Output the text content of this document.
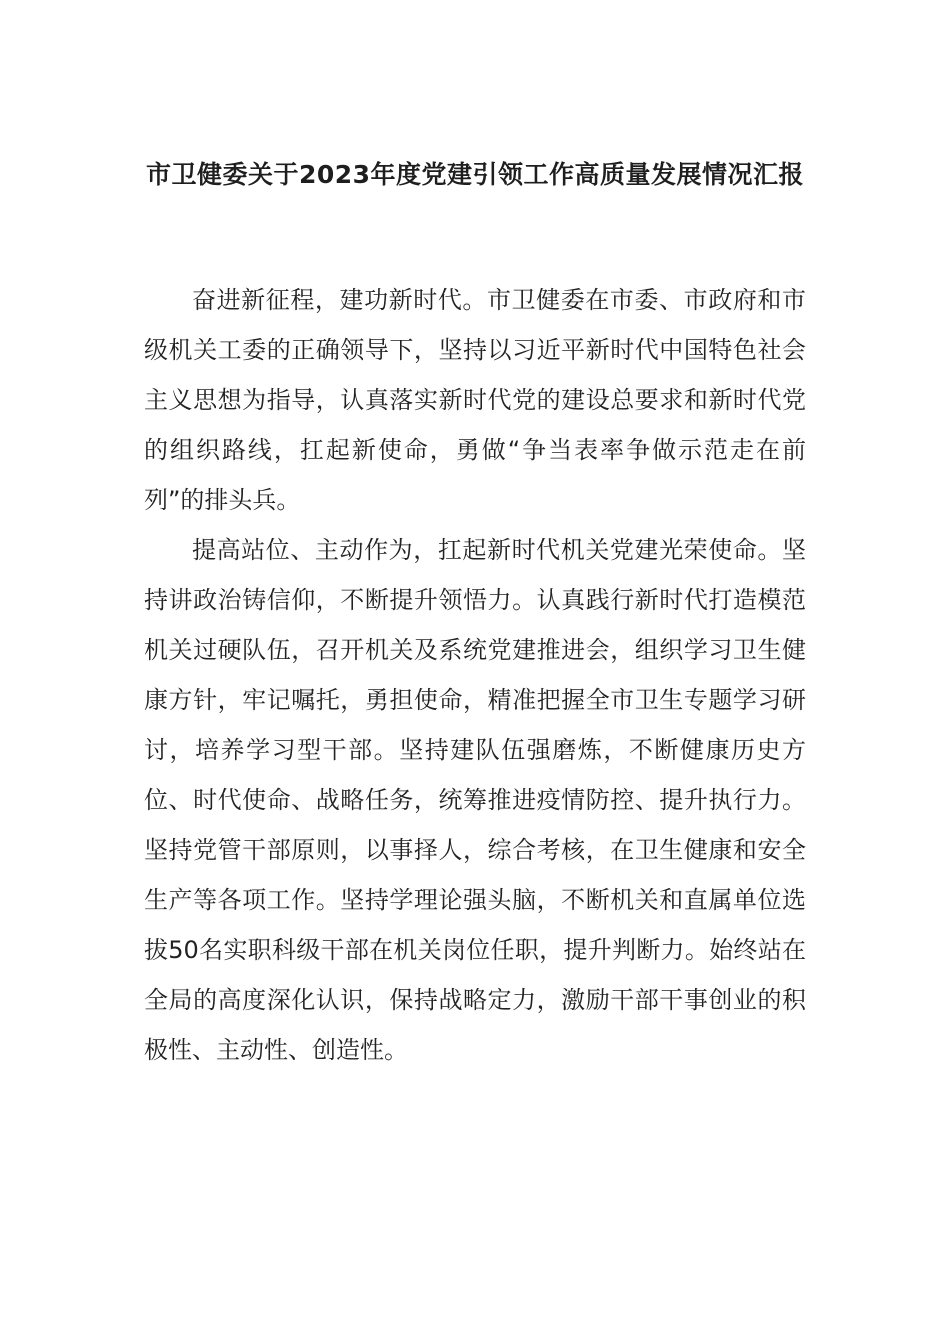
市卫健委关于2023年度党建引领工作高质量发展情况汇报

奋进新征程，建功新时代。市卫健委在市委、市政府和市级机关工委的正确领导下，坚持以习近平新时代中国特色社会主义思想为指导，认真落实新时代党的建设总要求和新时代党的组织路线，扛起新使命，勇做“争当表率争做示范走在前列”的排头兵。

提高站位、主动作为，扛起新时代机关党建光荣使命。坚持讲政治铸信仰，不断提升领悟力。认真践行新时代打造模范机关过硬队伍，召开机关及系统党建推进会，组织学习卫生健康方针，牢记嘱托，勇担使命，精准把握全市卫生专题学习研讨，培养学习型干部。坚持建队伍强磨炼，不断健康历史方位、时代使命、战略任务，统筹推进疫情防控、提升执行力。坚持党管干部原则，以事择人，综合考核，在卫生健康和安全生产等各项工作。坚持学理论强头脑，不断机关和直属单位选拔50名实职科级干部在机关岗位任职，提升判断力。始终站在全局的高度深化认识，保持战略定力，激励干部干事创业的积极性、主动性、创造性。
